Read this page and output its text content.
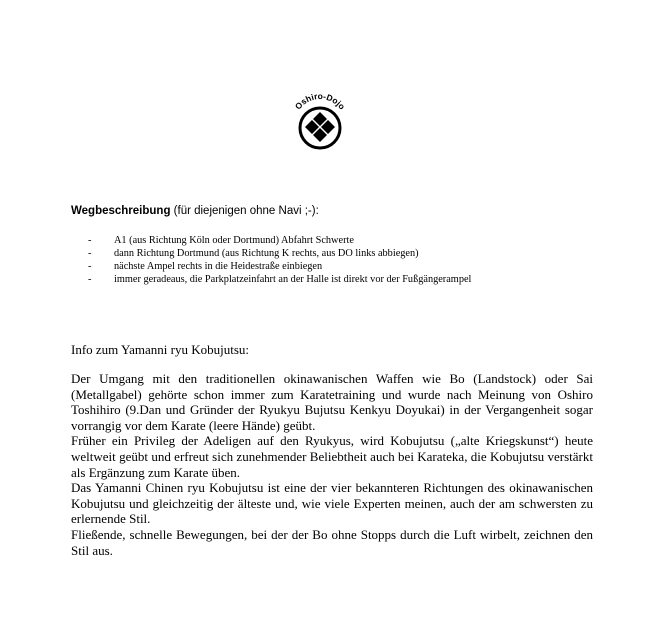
Oshiro-Dojo
Wegbeschreibung (für diejenigen ohne Navi ;-):
- A1 (aus Richtung Köln oder Dortmund) Abfahrt Schwerte
- dann Richtung Dortmund (aus Richtung K rechts, aus DO links abbiegen)
- nächste Ampel rechts in die Heidestraße einbiegen
- immer geradeaus, die Parkplatzeinfahrt an der Halle ist direkt vor der Fußgängerampel
Info zum Yamanni ryu Kobujutsu:

Der Umgang mit den traditionellen okinawanischen Waffen wie Bo (Landstock) oder Sai (Metallgabel) gehörte schon immer zum Karatetraining und wurde nach Meinung von Oshiro Toshihiro (9.Dan und Gründer der Ryukyu Bujutsu Kenkyu Doyukai) in der Vergangenheit sogar vorrangig vor dem Karate (leere Hände) geübt.

Früher ein Privileg der Adeligen auf den Ryukyus, wird Kobujutsu („alte Kriegskunst“) heute weltweit geübt und erfreut sich zunehmender Beliebtheit auch bei Karateka, die Kobujutsu verstärkt als Ergänzung zum Karate üben.

Das Yamanni Chinen ryu Kobujutsu ist eine der vier bekannteren Richtungen des okinawanischen Kobujutsu und gleichzeitig der älteste und, wie viele Experten meinen, auch der am schwersten zu erlernende Stil.

Fließende, schnelle Bewegungen, bei der der Bo ohne Stopps durch die Luft wirbelt, zeichnen den Stil aus.
